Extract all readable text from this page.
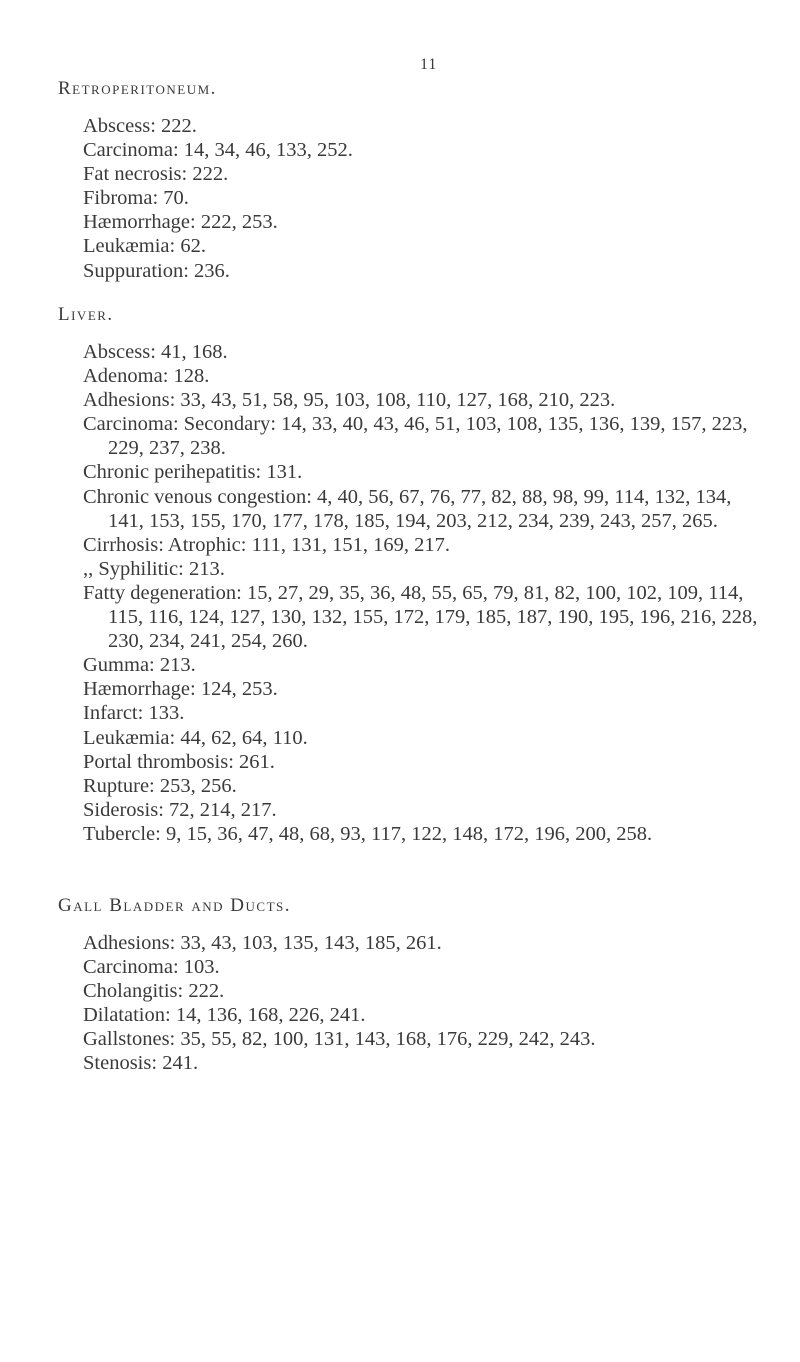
11
Retroperitoneum.

Abscess: 222.

Carcinoma: 14, 34, 46, 133, 252.

Fat necrosis: 222.

Fibroma: 70.

Hæmorrhage: 222, 253.

Leukæmia: 62.

Suppuration: 236.

Liver.

Abscess: 41, 168.

Adenoma: 128.

Adhesions: 33, 43, 51, 58, 95, 103, 108, 110, 127, 168, 210, 223.

Carcinoma: Secondary: 14, 33, 40, 43, 46, 51, 103, 108, 135, 136, 139, 157, 223, 229, 237, 238.

Chronic perihepatitis: 131.

Chronic venous congestion: 4, 40, 56, 67, 76, 77, 82, 88, 98, 99, 114, 132, 134, 141, 153, 155, 170, 177, 178, 185, 194, 203, 212, 234, 239, 243, 257, 265.

Cirrhosis: Atrophic: 111, 131, 151, 169, 217.

,, Syphilitic: 213.

Fatty degeneration: 15, 27, 29, 35, 36, 48, 55, 65, 79, 81, 82, 100, 102, 109, 114, 115, 116, 124, 127, 130, 132, 155, 172, 179, 185, 187, 190, 195, 196, 216, 228, 230, 234, 241, 254, 260.

Gumma: 213.

Hæmorrhage: 124, 253.

Infarct: 133.

Leukæmia: 44, 62, 64, 110.

Portal thrombosis: 261.

Rupture: 253, 256.

Siderosis: 72, 214, 217.

Tubercle: 9, 15, 36, 47, 48, 68, 93, 117, 122, 148, 172, 196, 200, 258.

Gall Bladder and Ducts.

Adhesions: 33, 43, 103, 135, 143, 185, 261.

Carcinoma: 103.

Cholangitis: 222.

Dilatation: 14, 136, 168, 226, 241.

Gallstones: 35, 55, 82, 100, 131, 143, 168, 176, 229, 242, 243.

Stenosis: 241.
